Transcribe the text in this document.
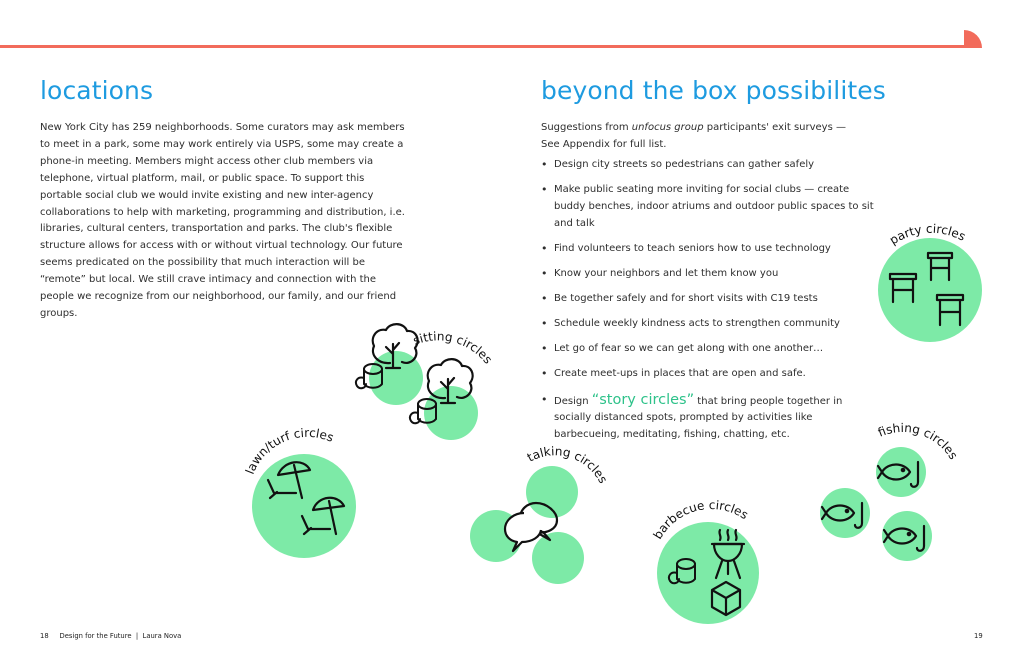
locations
New York City has 259 neighborhoods. Some curators may ask members to meet in a park, some may work entirely via USPS, some may create a phone-in meeting. Members might access other club members via telephone, virtual platform, mail, or public space. To support this portable social club we would invite existing and new inter-agency collaborations to help with marketing, programming and distribution, i.e. libraries, cultural centers, transportation and parks. The club's flexible structure allows for access with or without virtual technology. Our future seems predicated on the possibility that much interaction will be “remote” but local. We still crave intimacy and connection with the people we recognize from our neighborhood, our family, and our friend groups.
beyond the box possibilites
Suggestions from unfocus group participants' exit surveys —
See Appendix for full list.
• Design city streets so pedestrians can gather safely
• Make public seating more inviting for social clubs — create buddy benches, indoor atriums and outdoor public spaces to sit and talk
• Find volunteers to teach seniors how to use technology
• Know your neighbors and let them know you
• Be together safely and for short visits with C19 tests
• Schedule weekly kindness acts to strengthen community
• Let go of fear so we can get along with one another…
• Create meet-ups in places that are open and safe.
• Design “story circles” that bring people together in socially distanced spots, prompted by activities like barbecueing, meditating, fishing, chatting, etc.
sitting circles
lawn/turf circles
talking circles
barbecue circles
party circles
fishing circles
18 Design for the Future | Laura Nova	19
